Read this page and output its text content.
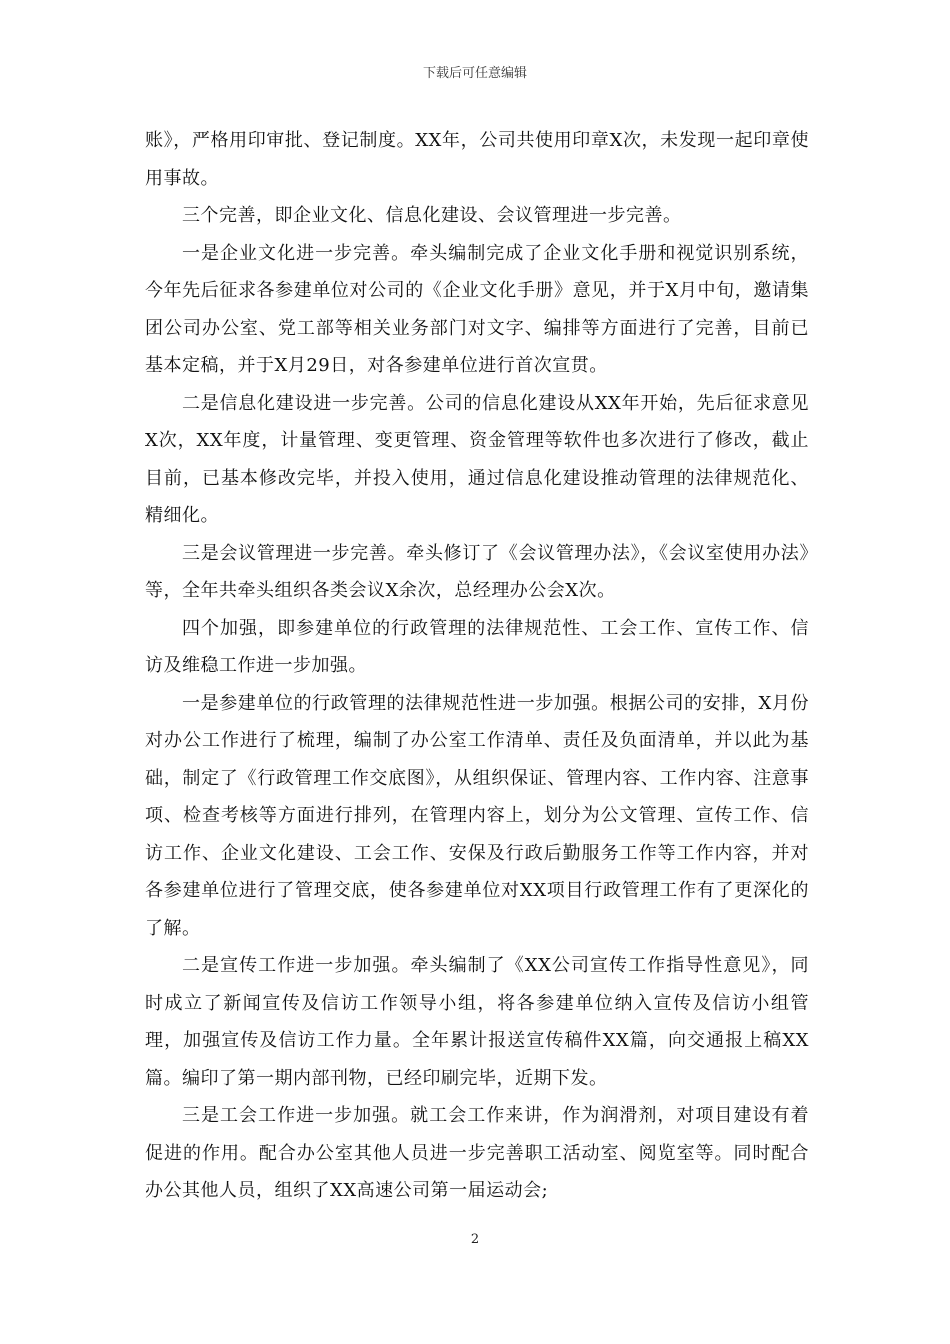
下载后可任意编辑

账》，严格用印审批、登记制度。XX年，公司共使用印章X次，未发现一起印章使用事故。

三个完善，即企业文化、信息化建设、会议管理进一步完善。

一是企业文化进一步完善。牵头编制完成了企业文化手册和视觉识别系统，今年先后征求各参建单位对公司的《企业文化手册》意见，并于X月中旬，邀请集团公司办公室、党工部等相关业务部门对文字、编排等方面进行了完善，目前已基本定稿，并于X月29日，对各参建单位进行首次宣贯。

二是信息化建设进一步完善。公司的信息化建设从XX年开始，先后征求意见X次，XX年度，计量管理、变更管理、资金管理等软件也多次进行了修改，截止目前，已基本修改完毕，并投入使用，通过信息化建设推动管理的法律规范化、精细化。

三是会议管理进一步完善。牵头修订了《会议管理办法》，《会议室使用办法》等，全年共牵头组织各类会议X余次，总经理办公会X次。

四个加强，即参建单位的行政管理的法律规范性、工会工作、宣传工作、信访及维稳工作进一步加强。

一是参建单位的行政管理的法律规范性进一步加强。根据公司的安排，X月份对办公工作进行了梳理，编制了办公室工作清单、责任及负面清单，并以此为基础，制定了《行政管理工作交底图》，从组织保证、管理内容、工作内容、注意事项、检查考核等方面进行排列，在管理内容上，划分为公文管理、宣传工作、信访工作、企业文化建设、工会工作、安保及行政后勤服务工作等工作内容，并对各参建单位进行了管理交底，使各参建单位对XX项目行政管理工作有了更深化的了解。

二是宣传工作进一步加强。牵头编制了《XX公司宣传工作指导性意见》，同时成立了新闻宣传及信访工作领导小组，将各参建单位纳入宣传及信访小组管理，加强宣传及信访工作力量。全年累计报送宣传稿件XX篇，向交通报上稿XX篇。编印了第一期内部刊物，已经印刷完毕，近期下发。

三是工会工作进一步加强。就工会工作来讲，作为润滑剂，对项目建设有着促进的作用。配合办公室其他人员进一步完善职工活动室、阅览室等。同时配合办公其他人员，组织了XX高速公司第一届运动会;

2
